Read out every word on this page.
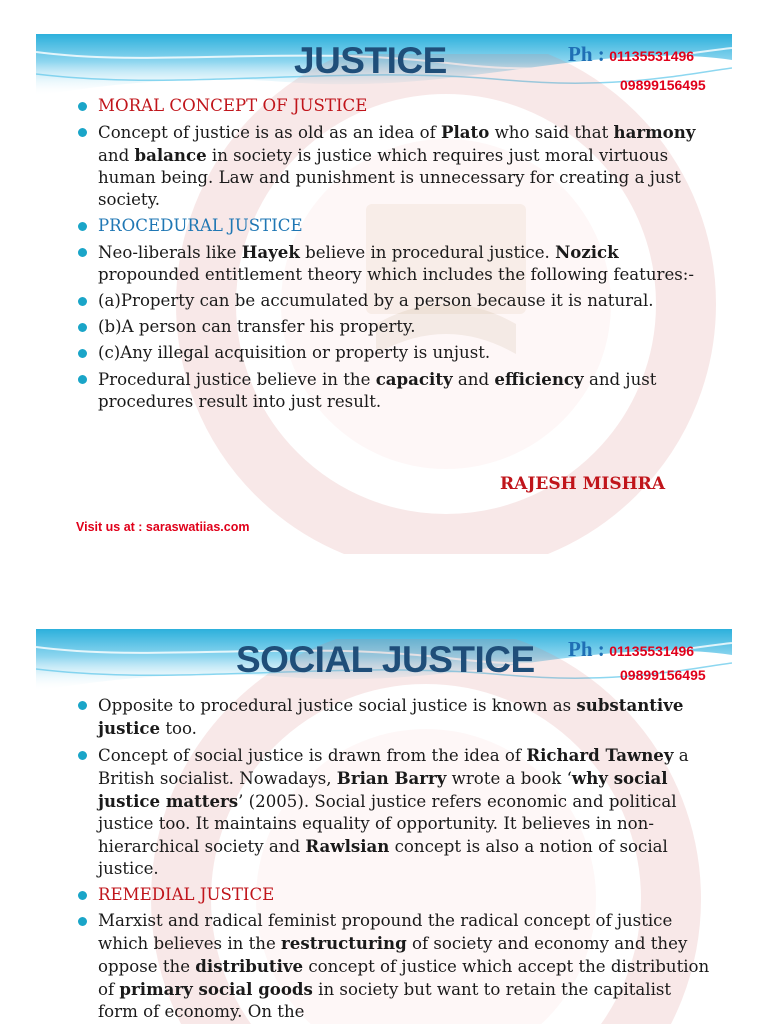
JUSTICE	Ph : 01135531496
09899156495
MORAL CONCEPT OF JUSTICE
Concept of justice is as old as an idea of Plato who said that harmony and balance in society is justice which requires just moral virtuous human being. Law and punishment is unnecessary for creating a just society.
PROCEDURAL JUSTICE
Neo-liberals like Hayek believe in procedural justice. Nozick propounded entitlement theory which includes the following features:-
(a)Property can be accumulated by a person because it is natural.
(b)A person can transfer his property.
(c)Any illegal acquisition or property is unjust.
Procedural justice believe in the capacity and efficiency and just procedures result into just result.
RAJESH MISHRA
Visit us at : saraswatiias.com
SOCIAL JUSTICE Ph : 01135531496
09899156495
Opposite to procedural justice social justice is known as substantive justice too.
Concept of social justice is drawn from the idea of Richard Tawney a British socialist. Nowadays, Brian Barry wrote a book ‘why social justice matters’ (2005). Social justice refers economic and political justice too. It maintains equality of opportunity. It believes in non-hierarchical society and Rawlsian concept is also a notion of social justice.
REMEDIAL JUSTICE
Marxist and radical feminist propound the radical concept of justice which believes in the restructuring of society and economy and they oppose the distributive concept of justice which accept the distribution of primary social goods in society but want to retain the capitalist form of economy. On the
